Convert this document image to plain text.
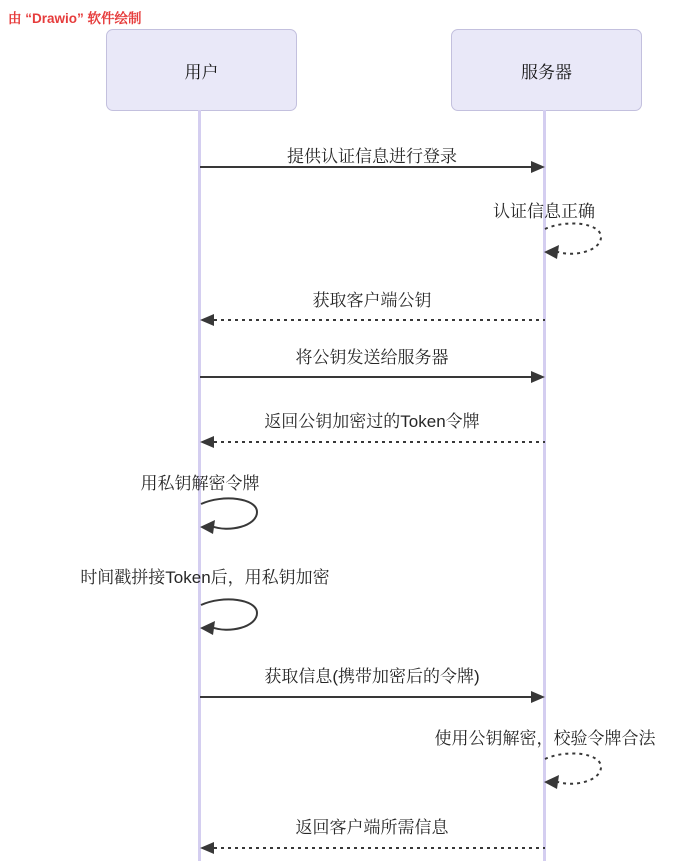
由 “Drawio” 软件绘制
用户	服务器
提供认证信息进行登录
认证信息正确
获取客户端公钥
将公钥发送给服务器
返回公钥加密过的Token令牌
用私钥解密令牌
时间戳拼接Token后，用私钥加密
获取信息(携带加密后的令牌)
使用公钥解密，校验令牌合法
返回客户端所需信息
